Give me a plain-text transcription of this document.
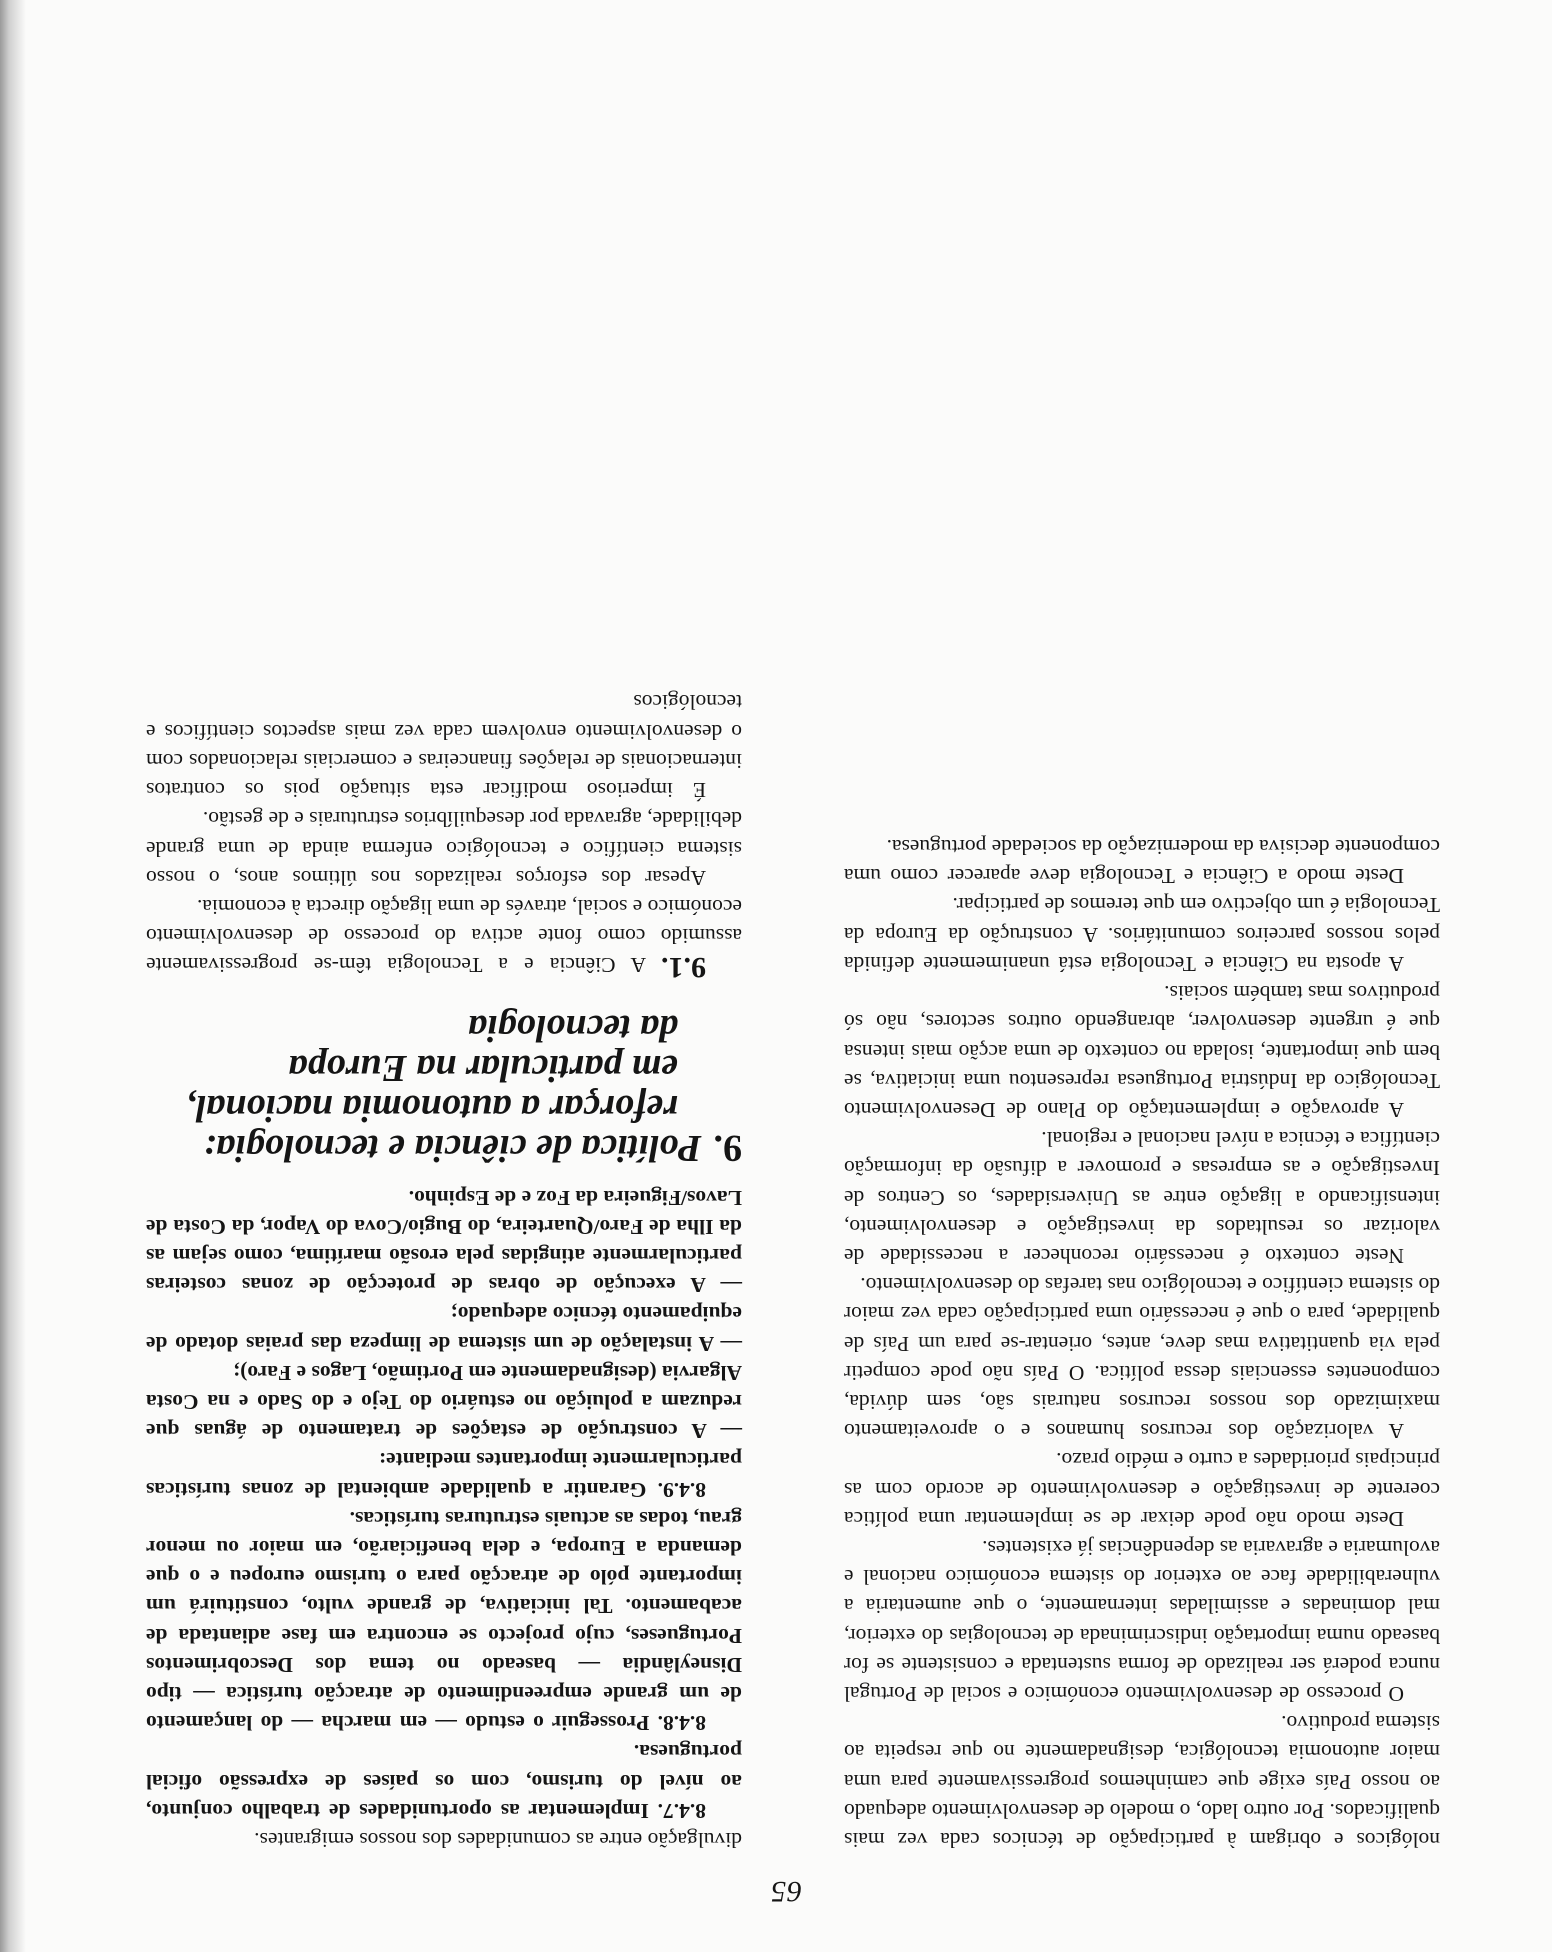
65

nológicos e obrigam à participação de técnicos cada vez mais qualificados. Por outro lado, o modelo de desenvolvimento adequado ao nosso País exige que caminhemos progressivamente para uma maior autonomia tecnológica, designadamente no que respeita ao sistema produtivo.

O processo de desenvolvimento económico e social de Portugal nunca poderá ser realizado de forma sustentada e consistente se for baseado numa importação indiscriminada de tecnologias do exterior, mal dominadas e assimiladas internamente, o que aumentaria a vulnerabilidade face ao exterior do sistema económico nacional e avolumaria e agravaria as dependências já existentes.

Deste modo não pode deixar de se implementar uma política coerente de investigação e desenvolvimento de acordo com as principais prioridades a curto e médio prazo.

A valorização dos recursos humanos e o aproveitamento maximizado dos nossos recursos naturais são, sem dúvida, componentes essenciais dessa política. O País não pode competir pela via quantitativa mas deve, antes, orientar-se para um País de qualidade, para o que é necessário uma participação cada vez maior do sistema científico e tecnológico nas tarefas do desenvolvimento.

Neste contexto é necessário reconhecer a necessidade de valorizar os resultados da investigação e desenvolvimento, intensificando a ligação entre as Universidades, os Centros de Investigação e as empresas e promover a difusão da informação científica e técnica a nível nacional e regional.

A aprovação e implementação do Plano de Desenvolvimento Tecnológico da Indústria Portuguesa representou uma iniciativa, se bem que importante, isolada no contexto de uma acção mais intensa que é urgente desenvolver, abrangendo outros sectores, não só produtivos mas também sociais.

A aposta na Ciência e Tecnologia está unanimemente definida pelos nossos parceiros comunitários. A construção da Europa da Tecnologia é um objectivo em que teremos de participar.

Deste modo a Ciência e Tecnologia deve aparecer como uma componente decisiva da modernização da sociedade portuguesa.

divulgação entre as comunidades dos nossos emigrantes.

8.4.7. Implementar as oportunidades de trabalho conjunto, ao nível do turismo, com os países de expressão oficial portuguesa.

8.4.8. Prosseguir o estudo — em marcha — do lançamento de um grande empreendimento de atracção turística — tipo Disneylândia — baseado no tema dos Descobrimentos Portugueses, cujo projecto se encontra em fase adiantada de acabamento. Tal iniciativa, de grande vulto, constituirá um importante pólo de atracção para o turismo europeu e o que demanda a Europa, e dela beneficiarão, em maior ou menor grau, todas as actuais estruturas turísticas.

8.4.9. Garantir a qualidade ambiental de zonas turísticas particularmente importantes mediante:

— A construção de estações de tratamento de águas que reduzam a poluição no estuário do Tejo e do Sado e na Costa Algarvia (designadamente em Portimão, Lagos e Faro);

— A instalação de um sistema de limpeza das praias dotado de equipamento técnico adequado;

— A execução de obras de protecção de zonas costeiras particularmente atingidas pela erosão marítima, como sejam as da Ilha de Faro/Quarteira, do Bugio/Cova do Vapor, da Costa de Lavos/Figueira da Foz e de Espinho.

9.Política de ciência e tecnologia:
reforçar a autonomia nacional,
em particular na Europa
da tecnologia

9.1. A Ciência e a Tecnologia têm-se progressivamente assumido como fonte activa do processo de desenvolvimento económico e social, através de uma ligação directa à economia.

Apesar dos esforços realizados nos últimos anos, o nosso sistema científico e tecnológico enferma ainda de uma grande debilidade, agravada por desequilíbrios estruturais e de gestão.

É imperioso modificar esta situação pois os contratos internacionais de relações financeiras e comerciais relacionados com o desenvolvimento envolvem cada vez mais aspectos científicos e tecnológicos
